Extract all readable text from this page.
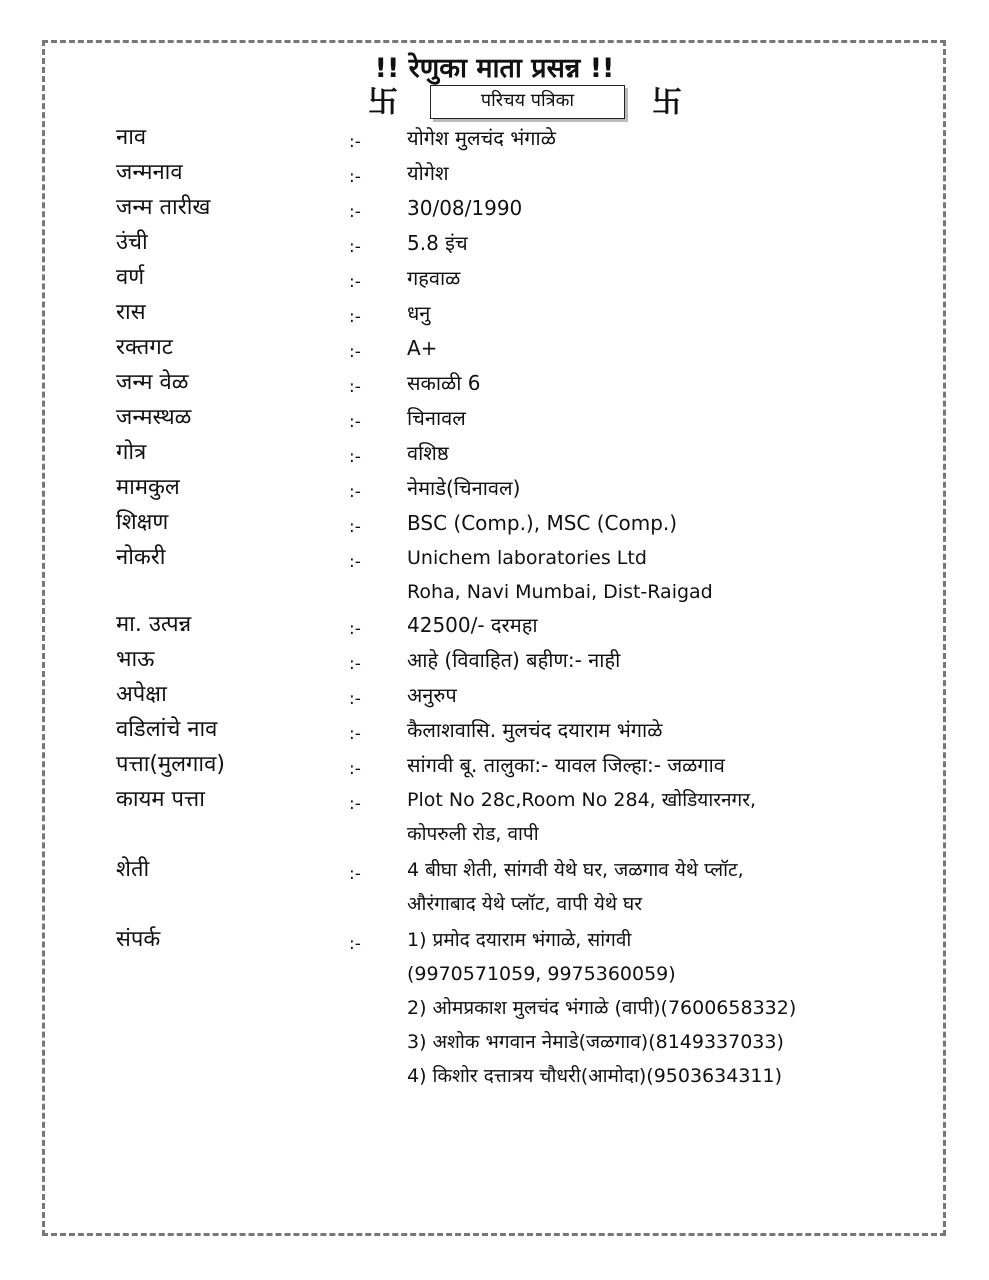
!! रेणुका माता प्रसन्न !!
卐	परिचय पत्रिका	卐
नाव	:- योगेश मुलचंद भंगाळे
जन्मनाव	:- योगेश
जन्म तारीख	:- 30/08/1990
उंची	:- 5.8 इंच
वर्ण	:- गहवाळ
रास	:- धनु
रक्तगट	:- A+
जन्म वेळ	:- सकाळी 6
जन्मस्थळ	:- चिनावल
गोत्र	:- वशिष्ठ
मामकुल	:- नेमाडे(चिनावल)
शिक्षण	:- BSC (Comp.), MSC (Comp.)
नोकरी	:- Unichem laboratories Ltd
Roha, Navi Mumbai, Dist-Raigad
मा. उत्पन्न	:- 42500/- दरमहा
भाऊ	:- आहे (विवाहित) बहीण:- नाही
अपेक्षा	:- अनुरुप
वडिलांचे नाव	:- कैलाशवासि. मुलचंद दयाराम भंगाळे
पत्ता(मुलगाव)	:- सांगवी बू. तालुका:- यावल जिल्हा:- जळगाव
कायम पत्ता	:- Plot No 28c,Room No 284, खोडियारनगर,
कोपरुली रोड, वापी
शेती	:- 4 बीघा शेती, सांगवी येथे घर, जळगाव येथे प्लॉट,
औरंगाबाद येथे प्लॉट, वापी येथे घर
संपर्क	:- 1) प्रमोद दयाराम भंगाळे, सांगवी
(9970571059, 9975360059)
2) ओमप्रकाश मुलचंद भंगाळे (वापी)(7600658332)
3) अशोक भगवान नेमाडे(जळगाव)(8149337033)
4) किशोर दत्तात्रय चौधरी(आमोदा)(9503634311)
